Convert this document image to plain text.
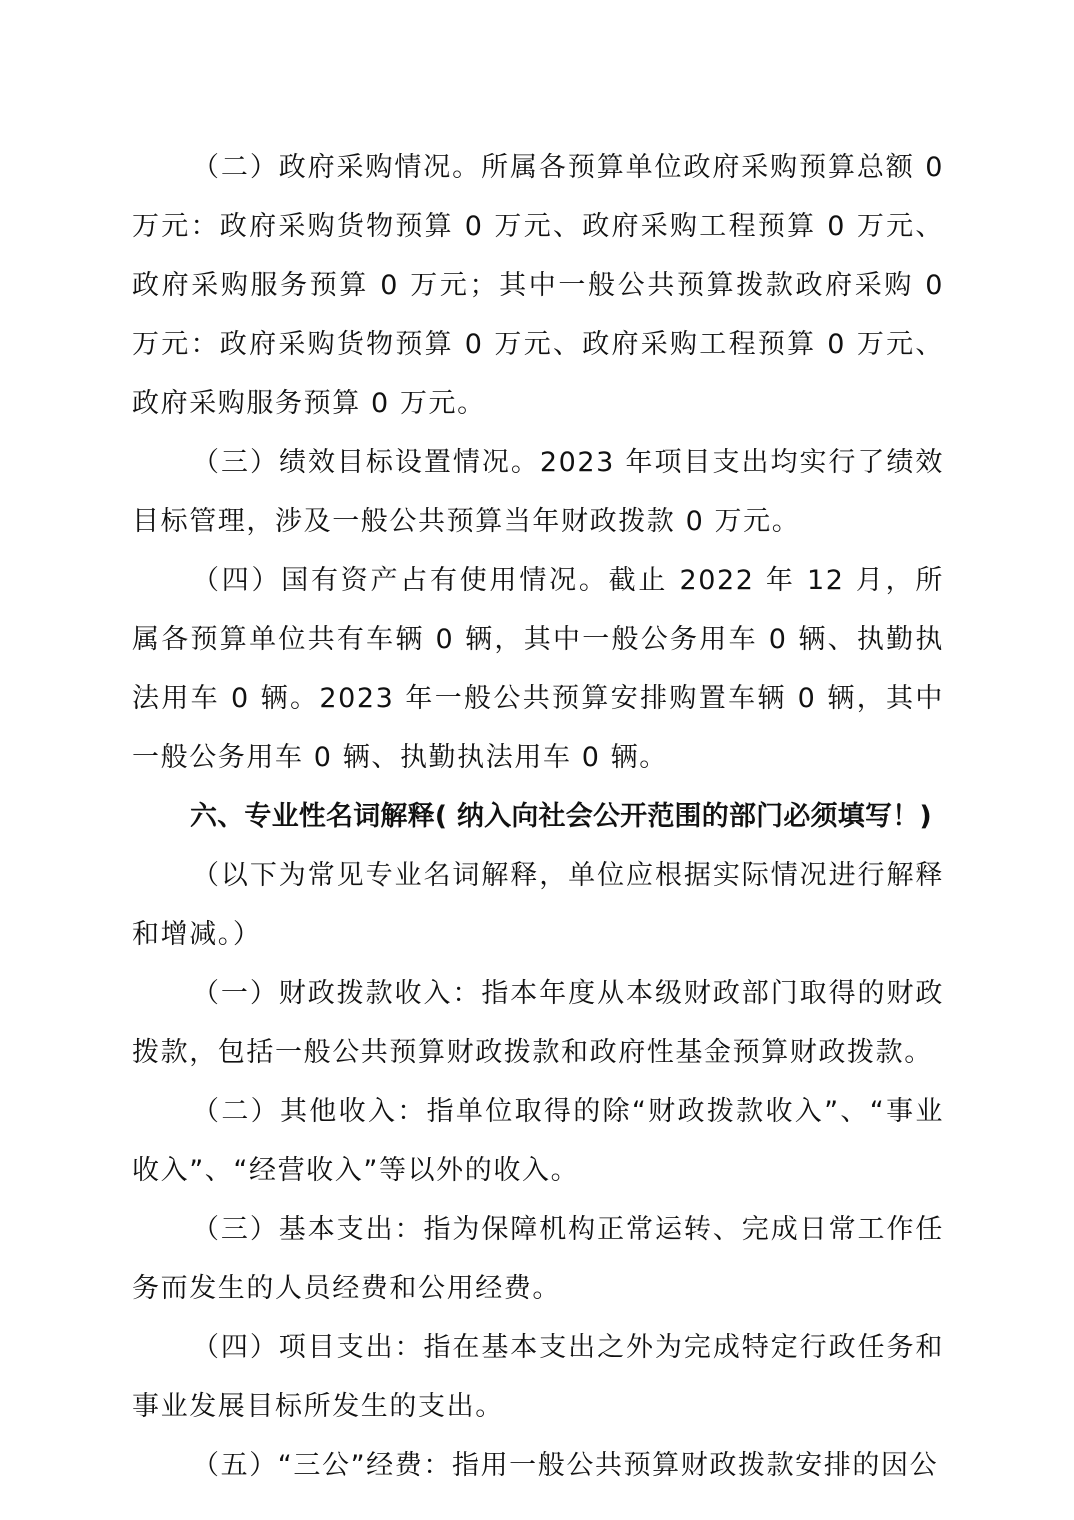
（二）政府采购情况。所属各预算单位政府采购预算总额 0 万元：政府采购货物预算 0 万元、政府采购工程预算 0 万元、政府采购服务预算 0 万元；其中一般公共预算拨款政府采购 0 万元：政府采购货物预算 0 万元、政府采购工程预算 0 万元、政府采购服务预算 0 万元。

（三）绩效目标设置情况。2023 年项目支出均实行了绩效目标管理，涉及一般公共预算当年财政拨款 0 万元。

（四）国有资产占有使用情况。截止 2022 年 12 月，所属各预算单位共有车辆 0 辆，其中一般公务用车 0 辆、执勤执法用车 0 辆。2023 年一般公共预算安排购置车辆 0 辆，其中一般公务用车 0 辆、执勤执法用车 0 辆。

六、专业性名词解释( 纳入向社会公开范围的部门必须填写！)

（以下为常见专业名词解释，单位应根据实际情况进行解释和增减。）

（一）财政拨款收入：指本年度从本级财政部门取得的财政拨款，包括一般公共预算财政拨款和政府性基金预算财政拨款。

（二）其他收入：指单位取得的除“财政拨款收入”、“事业收入”、“经营收入”等以外的收入。

（三）基本支出：指为保障机构正常运转、完成日常工作任务而发生的人员经费和公用经费。

（四）项目支出：指在基本支出之外为完成特定行政任务和事业发展目标所发生的支出。

（五）“三公”经费：指用一般公共预算财政拨款安排的因公
